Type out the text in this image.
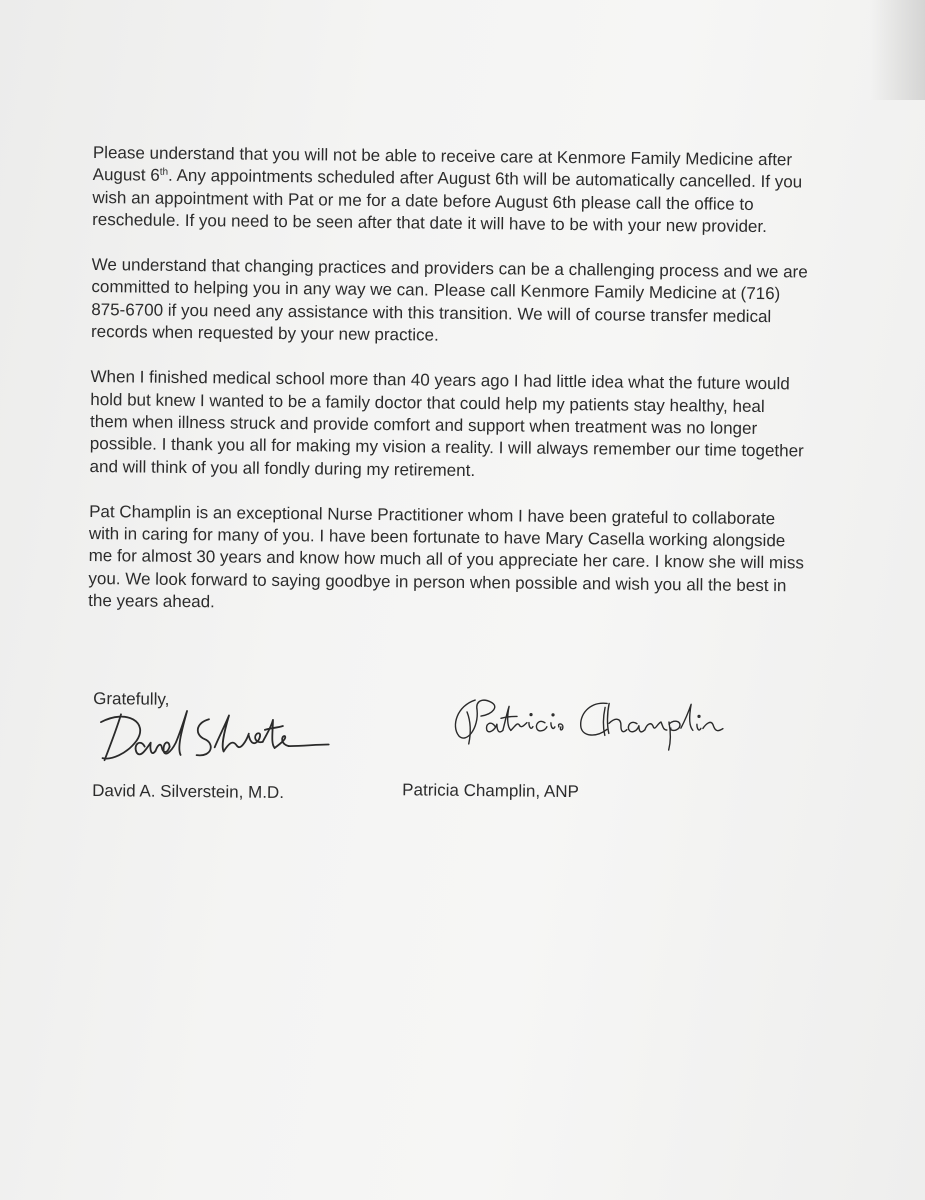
Please understand that you will not be able to receive care at Kenmore Family Medicine after
August 6th. Any appointments scheduled after August 6th will be automatically cancelled. If you
wish an appointment with Pat or me for a date before August 6th please call the office to
reschedule. If you need to be seen after that date it will have to be with your new provider.
We understand that changing practices and providers can be a challenging process and we are
committed to helping you in any way we can. Please call Kenmore Family Medicine at (716)
875-6700 if you need any assistance with this transition. We will of course transfer medical
records when requested by your new practice.
When I finished medical school more than 40 years ago I had little idea what the future would
hold but knew I wanted to be a family doctor that could help my patients stay healthy, heal
them when illness struck and provide comfort and support when treatment was no longer
possible. I thank you all for making my vision a reality. I will always remember our time together
and will think of you all fondly during my retirement.
Pat Champlin is an exceptional Nurse Practitioner whom I have been grateful to collaborate
with in caring for many of you. I have been fortunate to have Mary Casella working alongside
me for almost 30 years and know how much all of you appreciate her care. I know she will miss
you. We look forward to saying goodbye in person when possible and wish you all the best in
the years ahead.
Gratefully,
David A. Silverstein, M.D.	Patricia Champlin, ANP
